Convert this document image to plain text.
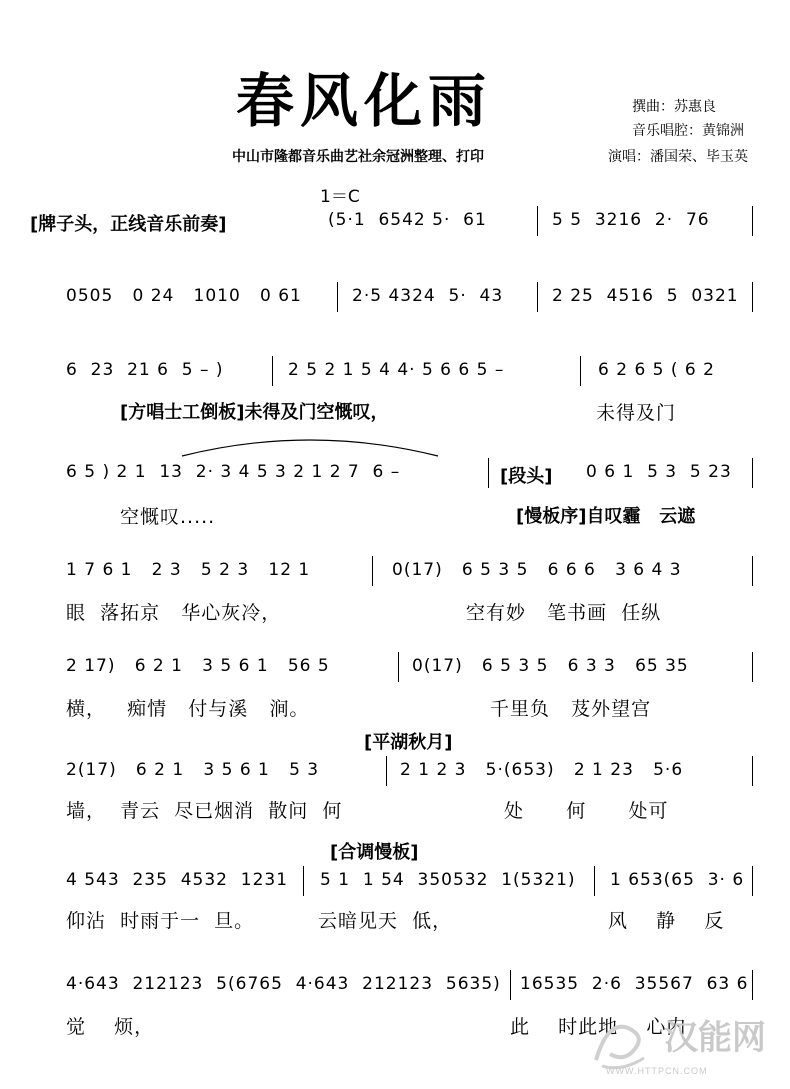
春风化雨	撰曲：苏惠良
音乐唱腔：黄锦洲
中山市隆都音乐曲艺社余冠洲整理、打印	演唱：潘国荣、毕玉英
1＝C
[牌子头，正线音乐前奏]	(5·1  6542 5·  61	5 5  3216  2·  76
0505   0 24   1010   0 61	2·5 4324  5·  43	2 25  4516  5  0321
6  23  21 6  5 – )	2 5 2 1 5 4 4· 5 6 6 5 –	6 2 6 5 ( 6 2
[方唱士工倒板]未得及门空慨叹，	未得及门
6 5 ) 2 1  13  2· 3 4 5 3 2 1 2 7  6 –	[段头] 0 6 1  5 3  5 23
空慨叹.....	[慢板序]自叹霾   云遮
1 7 6 1   2 3   5 2 3   12 1	0(17)   6 5 3 5   6 6 6   3 6 4 3
眼  落拓京   华心灰冷，	空有妙   笔书画  任纵
2 17)   6 2 1   3 5 6 1   56 5	0(17)   6 5 3 5   6 3 3   65 35
横，   痴情   付与溪   涧。	千里负   芨外望宫
[平湖秋月]
2(17)   6 2 1   3 5 6 1   5 3	2 1 2 3   5·(653)   2 1 23   5·6
墙，  青云  尽已烟消  散问  何	处      何      处可
[合调慢板]
4 543  235  4532  1231 5 1  1 54  350532  1(5321) 1 653(65  3· 6
仰沾  时雨于一  旦。	云暗见天  低，	风    静    反
4·643  212123  5(6765  4·643  212123  5635) 16535  2·6  35567  63 6
觉    烦，	此    时此地    心内
汉能网
WWW.HTTPCN.COM
